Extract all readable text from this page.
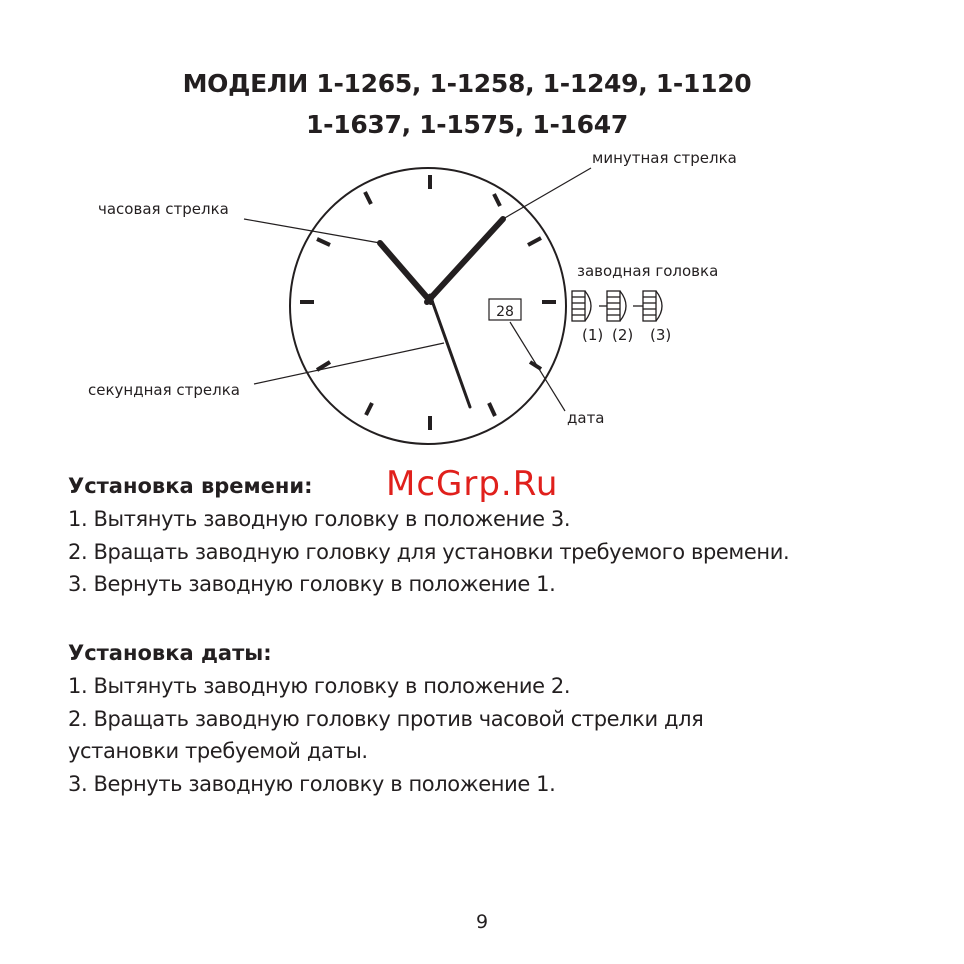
МОДЕЛИ 1-1265, 1-1258, 1-1249, 1-1120
1-1637, 1-1575, 1-1647
28
часовая стрелка
минутная стрелка
заводная головка
секундная стрелка
дата
(1) (2) (3)
McGrp.Ru
Установка времени:

1. Вытянуть заводную головку в положение 3.

2. Вращать заводную головку для установки требуемого времени.

3. Вернуть заводную головку в положение 1.

Установка даты:

1. Вытянуть заводную головку в положение 2.

2. Вращать заводную головку против часовой стрелки для

установки требуемой даты.

3. Вернуть заводную головку в положение 1.

9
